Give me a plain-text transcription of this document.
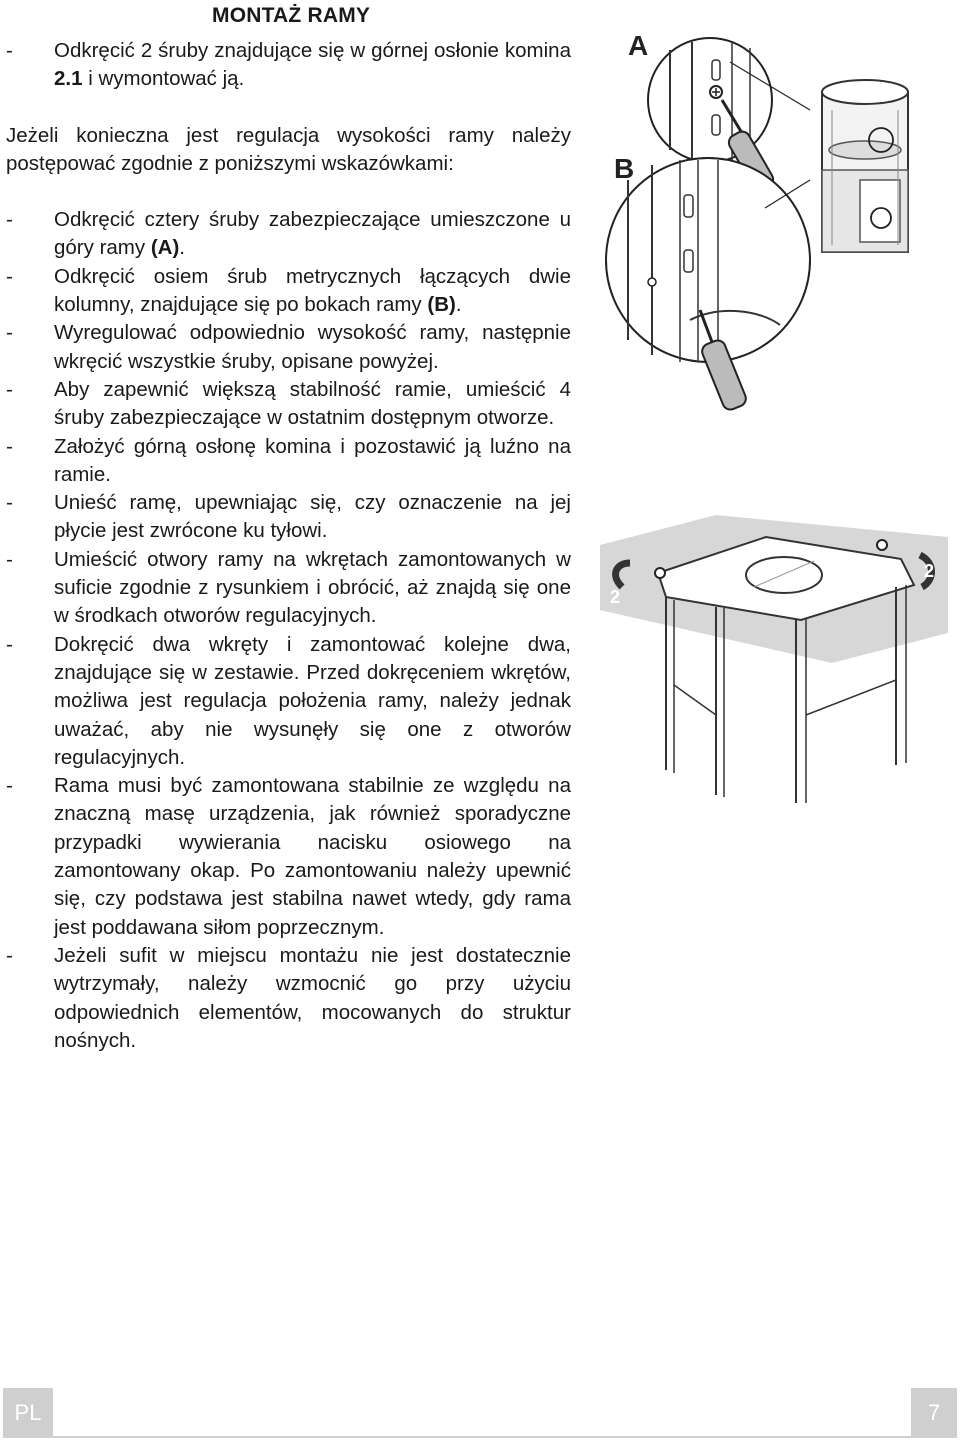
MONTAŻ RAMY
- Odkręcić 2 śruby znajdujące się w górnej osłonie komina 2.1 i wymontować ją.
Jeżeli konieczna jest regulacja wysokości ramy należy postępować zgodnie z poniższymi wskazówkami:
- Odkręcić cztery śruby zabezpieczające umieszczone u góry ramy (A).
- Odkręcić osiem śrub metrycznych łączących dwie kolumny, znajdujące się po bokach ramy (B).
- Wyregulować odpowiednio wysokość ramy, następnie wkręcić wszystkie śruby, opisane powyżej.
- Aby zapewnić większą stabilność ramie, umieścić 4 śruby zabezpieczające w ostatnim dostępnym otworze.
- Założyć górną osłonę komina i pozostawić ją luźno na ramie.
- Unieść ramę, upewniając się, czy oznaczenie na jej płycie jest zwrócone ku tyłowi.
- Umieścić otwory ramy na wkrętach zamontowanych w suficie zgodnie z rysunkiem i obrócić, aż znajdą się one w środkach otworów regulacyjnych.
- Dokręcić dwa wkręty i zamontować kolejne dwa, znajdujące się w zestawie. Przed dokręceniem wkrętów, możliwa jest regulacja położenia ramy, należy jednak uważać, aby nie wysunęły się one z otworów regulacyjnych.
- Rama musi być zamontowana stabilnie ze względu na znaczną masę urządzenia, jak również sporadyczne przypadki wywierania nacisku osiowego na zamontowany okap. Po zamontowaniu należy upewnić się, czy podstawa jest stabilna nawet wtedy, gdy rama jest poddawana siłom poprzecznym.
- Jeżeli sufit w miejscu montażu nie jest dostatecznie wytrzymały, należy wzmocnić go przy użyciu odpowiednich elementów, mocowanych do struktur nośnych.
A
B
2
1
1	2
PL	7
